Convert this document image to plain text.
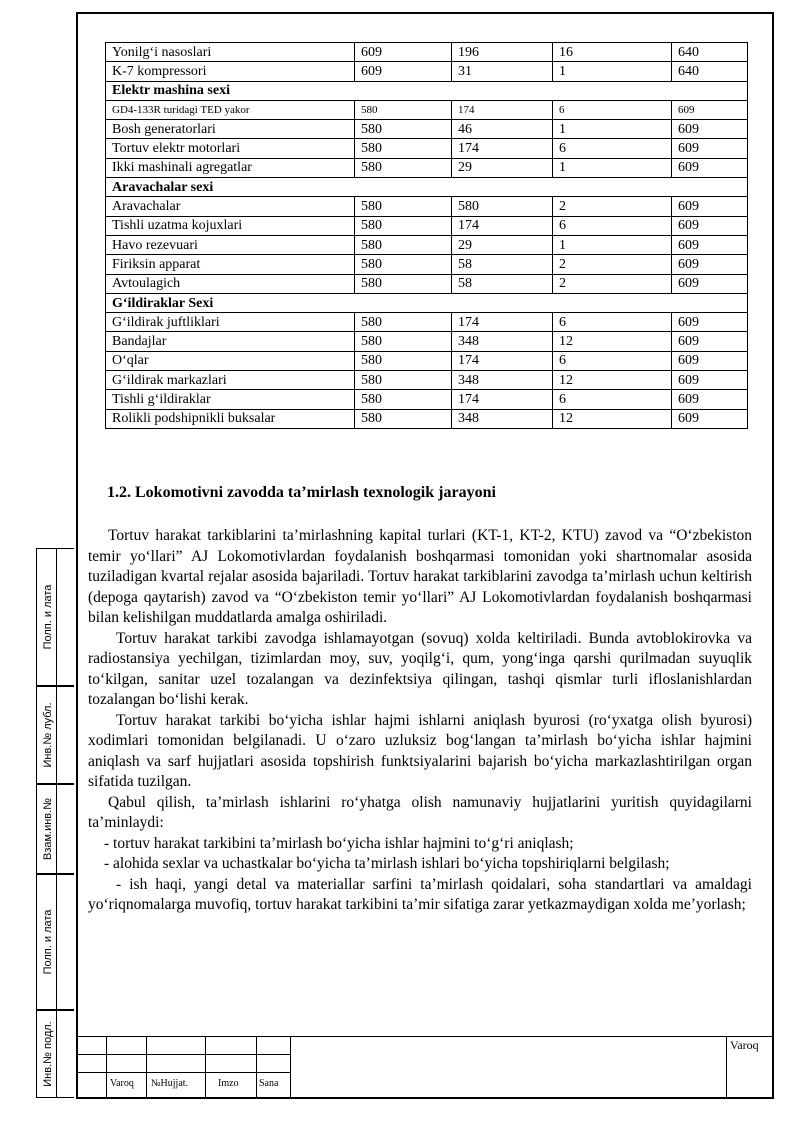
Полп. и лата
Инв.№ лубл.
Взам.инв.№
Полп. и лата
Инв.№ подл.
Yonilg‘i nasoslari	609	196	16	640
K-7 kompressori	609	31	1	640
Elektr mashina sexi				
GD4-133R turidagi TED yakor	580	174	6	609
Bosh generatorlari	580	46	1	609
Tortuv elektr motorlari	580	174	6	609
Ikki mashinali agregatlar	580	29	1	609
Aravachalar sexi				
Aravachalar	580	580	2	609
Tishli uzatma kojuxlari	580	174	6	609
Havo rezevuari	580	29	1	609
Firiksin apparat	580	58	2	609
Avtoulagich	580	58	2	609
G‘ildiraklar Sexi				
G‘ildirak juftliklari	580	174	6	609
Bandajlar	580	348	12	609
O‘qlar	580	174	6	609
G‘ildirak markazlari	580	348	12	609
Tishli g‘ildiraklar	580	174	6	609
Rolikli podshipnikli buksalar	580	348	12	609
1.2. Lokomotivni zavodda ta’mirlash texnologik jarayoni

Tortuv harakat tarkiblarini ta’mirlashning kapital turlari (KT-1, KT-2, KTU) zavod va “O‘zbekiston temir yo‘llari” AJ Lokomotivlardan foydalanish boshqarmasi tomonidan yoki shartnomalar asosida tuziladigan kvartal rejalar asosida bajariladi. Tortuv harakat tarkiblarini zavodga ta’mirlash uchun keltirish (depoga qaytarish) zavod va “O‘zbekiston temir yo‘llari” AJ Lokomotivlardan foydalanish boshqarmasi bilan kelishilgan muddatlarda amalga oshiriladi.

Tortuv harakat tarkibi zavodga ishlamayotgan (sovuq) xolda keltiriladi. Bunda avtoblokirovka va radiostansiya yechilgan, tizimlardan moy, suv, yoqilg‘i, qum, yong‘inga qarshi qurilmadan suyuqlik to‘kilgan, sanitar uzel tozalangan va dezinfektsiya qilingan, tashqi qismlar turli ifloslanishlardan tozalangan bo‘lishi kerak.

Tortuv harakat tarkibi bo‘yicha ishlar hajmi ishlarni aniqlash byurosi (ro‘yxatga olish byurosi) xodimlari tomonidan belgilanadi. U o‘zaro uzluksiz bog‘langan ta’mirlash bo‘yicha ishlar hajmini aniqlash va sarf hujjatlari asosida topshirish funktsiyalarini bajarish bo‘yicha markazlashtirilgan organ sifatida tuzilgan.

Qabul qilish, ta’mirlash ishlarini ro‘yhatga olish namunaviy hujjatlarini yuritish quyidagilarni ta’minlaydi:

- tortuv harakat tarkibini ta’mirlash bo‘yicha ishlar hajmini to‘g‘ri aniqlash;

- alohida sexlar va uchastkalar bo‘yicha ta’mirlash ishlari bo‘yicha topshiriqlarni belgilash;

- ish haqi, yangi detal va materiallar sarfini ta’mirlash qoidalari, soha standartlari va amaldagi yo‘riqnomalarga muvofiq, tortuv harakat tarkibini ta’mir sifatiga zarar yetkazmaydigan xolda me’yorlash;

Varoq №Hujjat.	Imzo Sana
Varoq
